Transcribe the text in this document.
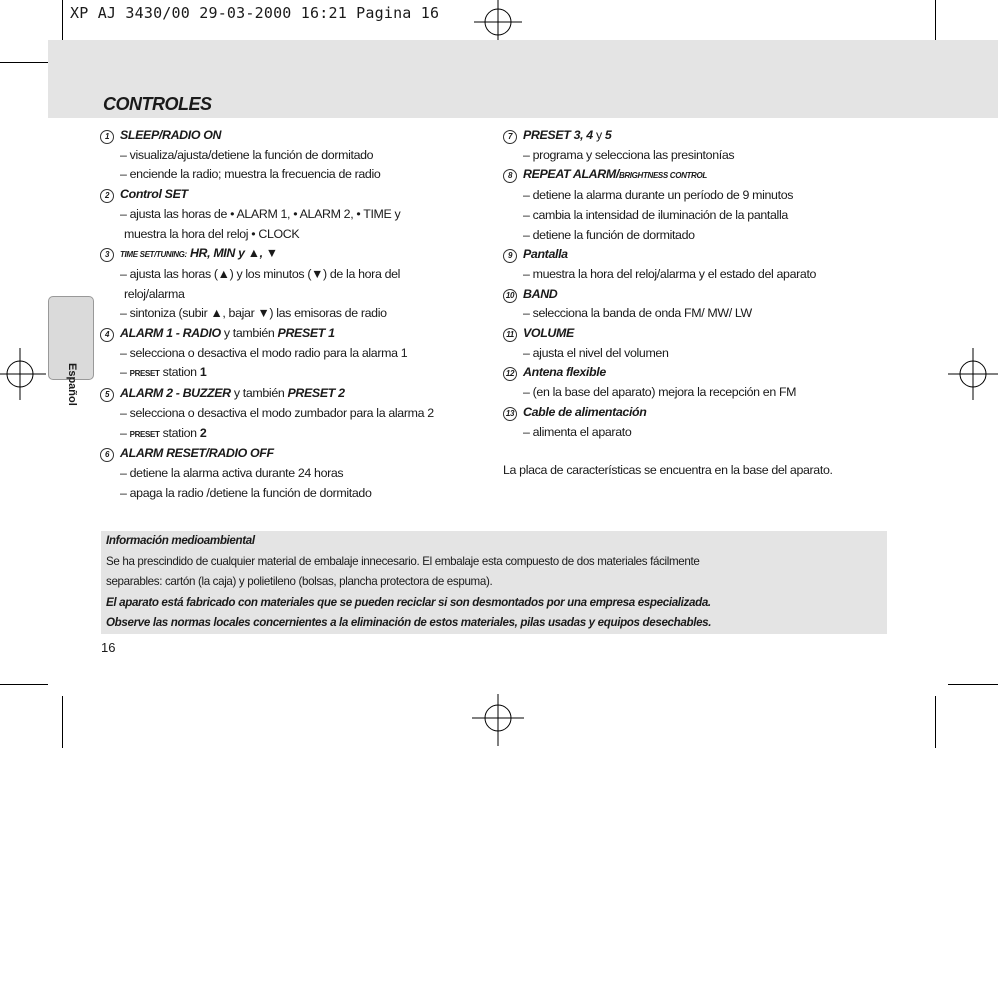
XP AJ 3430/00 29-03-2000 16:21 Pagina 16
CONTROLES
Español
1 SLEEP/RADIO ON
– visualiza/ajusta/detiene la función de dormitado
– enciende la radio; muestra la frecuencia de radio
2 Control SET
– ajusta las horas de • ALARM 1, • ALARM 2, • TIME y
muestra la hora del reloj • CLOCK
3	TIME SET/TUNING: HR, MIN y ▲, ▼
– ajusta las horas (▲) y los minutos (▼) de la hora del
reloj/alarma
– sintoniza (subir ▲, bajar ▼) las emisoras de radio
4 ALARM 1 - RADIO y también PRESET 1
– selecciona o desactiva el modo radio para la alarma 1
– PRESET station 1
5 ALARM 2 - BUZZER y también PRESET 2
– selecciona o desactiva el modo zumbador para la alarma 2
– PRESET station 2
6 ALARM RESET/RADIO OFF
– detiene la alarma activa durante 24 horas
– apaga la radio /detiene la función de dormitado
7 PRESET 3, 4 y 5
– programa y selecciona las presintonías
8 REPEAT ALARM/BRIGHTNESS CONTROL
– detiene la alarma durante un período de 9 minutos
– cambia la intensidad de iluminación de la pantalla
– detiene la función de dormitado
9 Pantalla
– muestra la hora del reloj/alarma y el estado del aparato
10 BAND
– selecciona la banda de onda FM/ MW/ LW
11 VOLUME
– ajusta el nivel del volumen
12 Antena flexible
– (en la base del aparato) mejora la recepción en FM
13 Cable de alimentación
– alimenta el aparato
La placa de características se encuentra en la base del aparato.
Información medioambiental
Se ha prescindido de cualquier material de embalaje innecesario. El embalaje esta compuesto de dos materiales fácilmente
separables: cartón (la caja) y polietileno (bolsas, plancha protectora de espuma).
El aparato está fabricado con materiales que se pueden reciclar si son desmontados por una empresa especializada.
Observe las normas locales concernientes a la eliminación de estos materiales, pilas usadas y equipos desechables.
16
